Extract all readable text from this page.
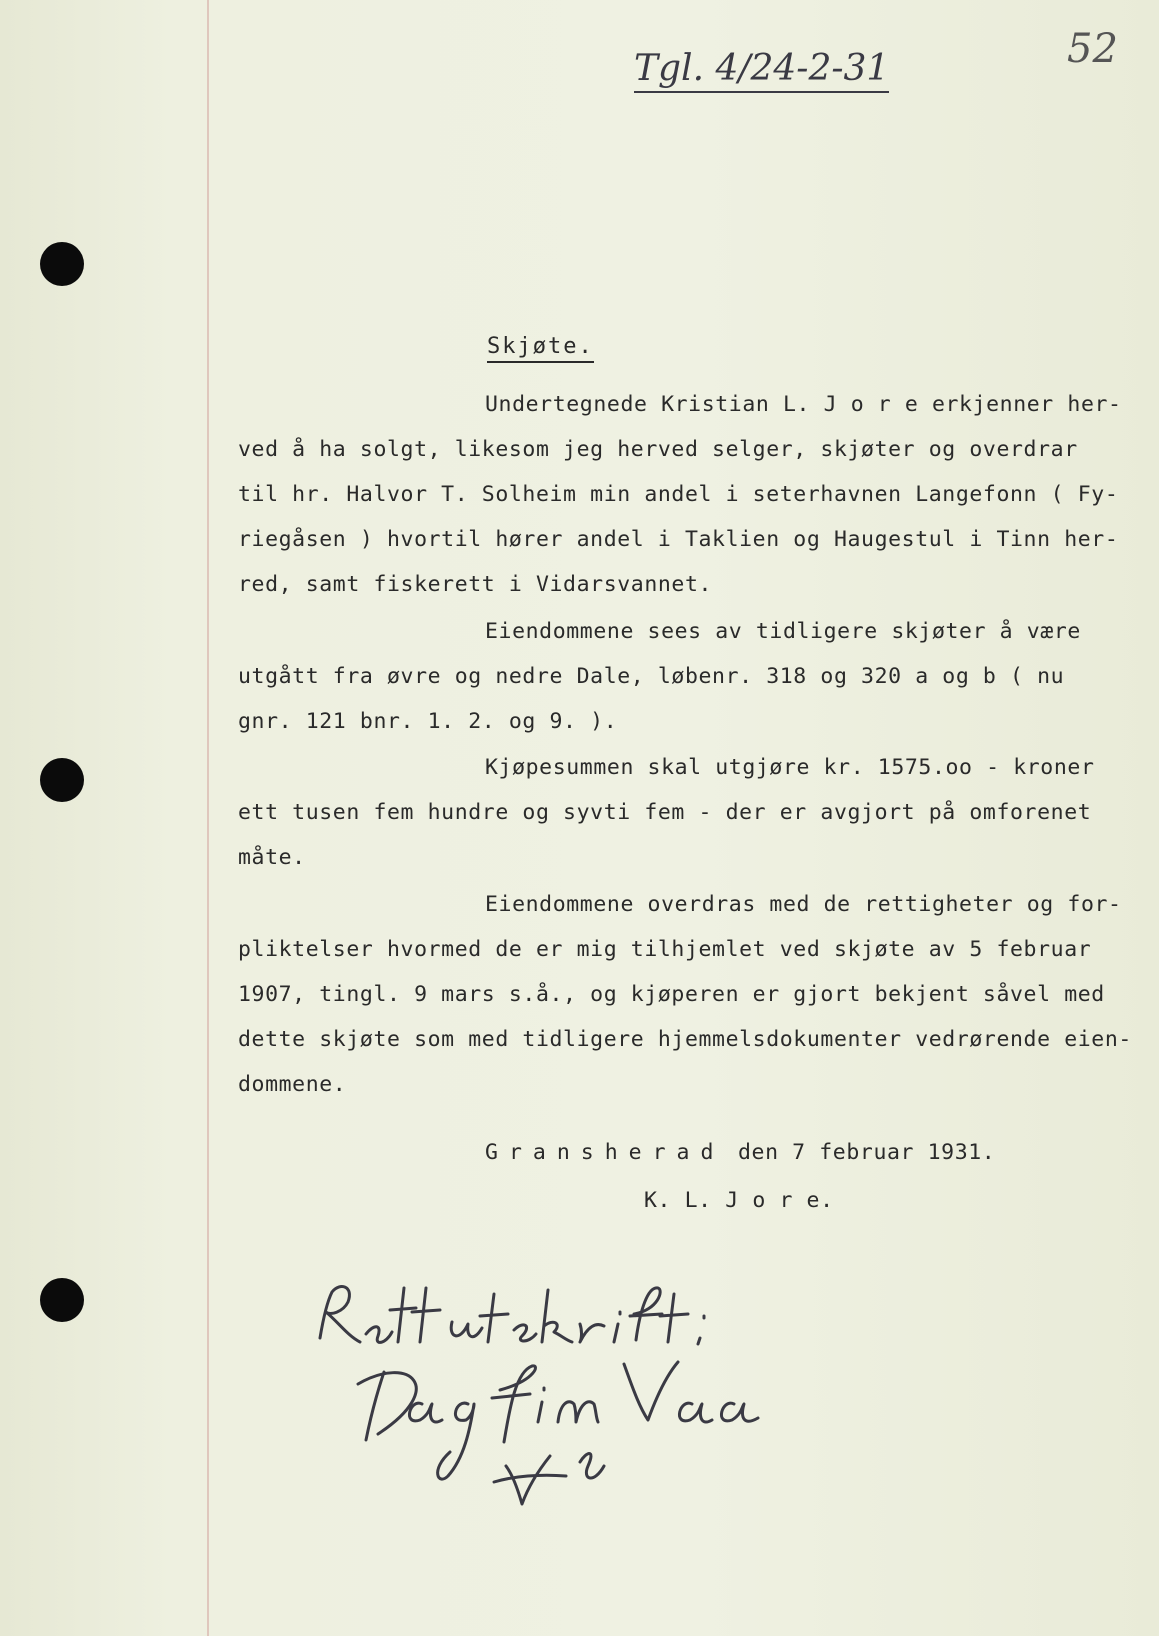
Tgl. 4/24-2-31	52
Skjøte.
Undertegnede Kristian L. J o r e erkjenner her-
ved å ha solgt, likesom jeg herved selger, skjøter og overdrar
til hr. Halvor T. Solheim min andel i seterhavnen Langefonn ( Fy-
riegåsen ) hvortil hører andel i Taklien og Haugestul i Tinn her-
red, samt fiskerett i Vidarsvannet.
Eiendommene sees av tidligere skjøter å være
utgått fra øvre og nedre Dale, løbenr. 318 og 320 a og b ( nu
gnr. 121 bnr. 1. 2. og 9. ).
Kjøpesummen skal utgjøre kr. 1575.oo - kroner
ett tusen fem hundre og syvti fem - der er avgjort på omforenet
måte.
Eiendommene overdras med de rettigheter og for-
pliktelser hvormed de er mig tilhjemlet ved skjøte av 5 februar
1907, tingl. 9 mars s.å., og kjøperen er gjort bekjent såvel med
dette skjøte som med tidligere hjemmelsdokumenter vedrørende eien-
dommene.
Gransherad den 7 februar 1931.
K. L. J o r e.
